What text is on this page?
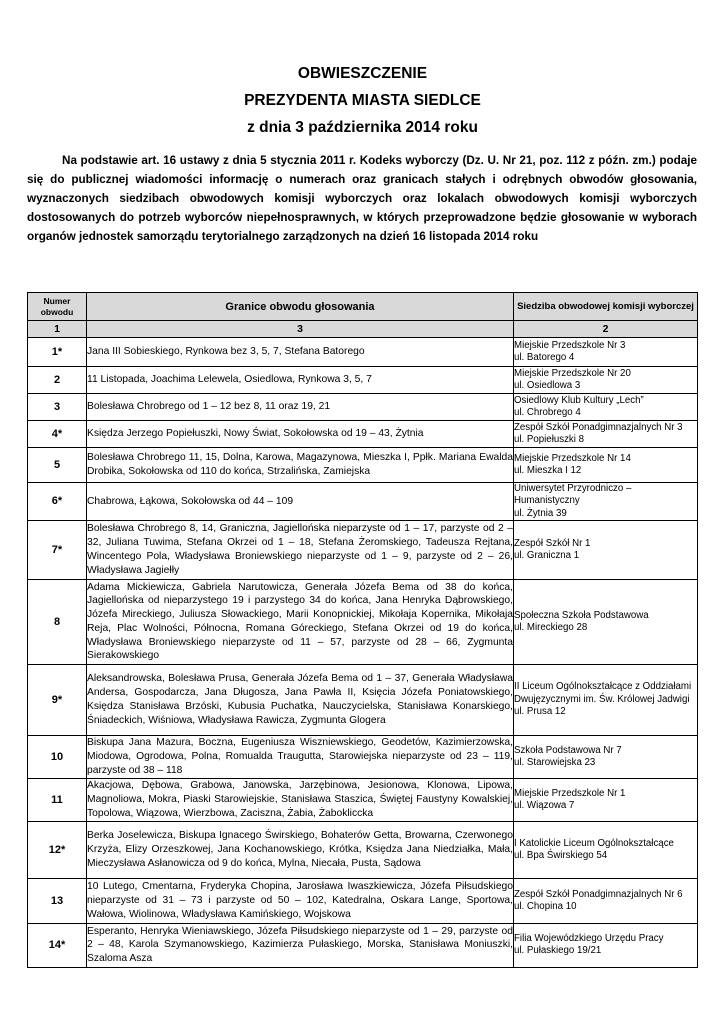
OBWIESZCZENIE
PREZYDENTA MIASTA SIEDLCE
z dnia 3 października 2014 roku

Na podstawie art. 16 ustawy z dnia 5 stycznia 2011 r. Kodeks wyborczy (Dz. U. Nr 21, poz. 112 z późn. zm.) podaje się do publicznej wiadomości informację o numerach oraz granicach stałych i odrębnych obwodów głosowania, wyznaczonych siedzibach obwodowych komisji wyborczych oraz lokalach obwodowych komisji wyborczych dostosowanych do potrzeb wyborców niepełnosprawnych, w których przeprowadzone będzie głosowanie w wyborach organów jednostek samorządu terytorialnego zarządzonych na dzień 16 listopada 2014 roku

Numer obwodu	Granice obwodu głosowania	Siedziba obwodowej komisji wyborczej
1	3	2
1*	Jana III Sobieskiego, Rynkowa bez 3, 5, 7, Stefana Batorego	Miejskie Przedszkole Nr 3
ul. Batorego 4

2	11 Listopada, Joachima Lelewela, Osiedlowa, Rynkowa 3, 5, 7	Miejskie Przedszkole Nr 20
ul. Osiedlowa 3

3	Bolesława Chrobrego od 1 – 12 bez 8, 11 oraz 19, 21	Osiedlowy Klub Kultury „Lech”
ul. Chrobrego 4

4*	Księdza Jerzego Popiełuszki, Nowy Świat, Sokołowska od 19 – 43, Żytnia	Zespół Szkół Ponadgimnazjalnych Nr 3
ul. Popiełuszki 8

5	Bolesława Chrobrego 11, 15, Dolna, Karowa, Magazynowa, Mieszka I, Ppłk. Mariana Ewalda Drobika, Sokołowska od 110 do końca, Strzalińska, Zamiejska	Miejskie Przedszkole Nr 14
ul. Mieszka I 12

6*	Chabrowa, Łąkowa, Sokołowska od 44 – 109	Uniwersytet Przyrodniczo – Humanistyczny
ul. Żytnia 39

7*	Bolesława Chrobrego 8, 14, Graniczna, Jagiellońska nieparzyste od 1 – 17, parzyste od 2 – 32, Juliana Tuwima, Stefana Okrzei od 1 – 18, Stefana Żeromskiego, Tadeusza Rejtana, Wincentego Pola, Władysława Broniewskiego nieparzyste od 1 – 9, parzyste od 2 – 26, Władysława Jagiełły	Zespół Szkół Nr 1
ul. Graniczna 1

8	Adama Mickiewicza, Gabriela Narutowicza, Generała Józefa Bema od 38 do końca, Jagiellońska od nieparzystego 19 i parzystego 34 do końca, Jana Henryka Dąbrowskiego, Józefa Mireckiego, Juliusza Słowackiego, Marii Konopnickiej, Mikołaja Kopernika, Mikołaja Reja, Plac Wolności, Północna, Romana Góreckiego, Stefana Okrzei od 19 do końca, Władysława Broniewskiego nieparzyste od 11 – 57, parzyste od 28 – 66, Zygmunta Sierakowskiego	Społeczna Szkoła Podstawowa
ul. Mireckiego 28

9*	Aleksandrowska, Bolesława Prusa, Generała Józefa Bema od 1 – 37, Generała Władysława Andersa, Gospodarcza, Jana Długosza, Jana Pawła II, Księcia Józefa Poniatowskiego, Księdza Stanisława Brzóski, Kubusia Puchatka, Nauczycielska, Stanisława Konarskiego, Śniadeckich, Wiśniowa, Władysława Rawicza, Zygmunta Glogera	II Liceum Ogólnokształcące z Oddziałami Dwujęzycznymi im. Św. Królowej Jadwigi
ul. Prusa 12

10	Biskupa Jana Mazura, Boczna, Eugeniusza Wiszniewskiego, Geodetów, Kazimierzowska, Miodowa, Ogrodowa, Polna, Romualda Traugutta, Starowiejska nieparzyste od 23 – 119, parzyste od 38 – 118	Szkoła Podstawowa Nr 7
ul. Starowiejska 23

11	Akacjowa, Dębowa, Grabowa, Janowska, Jarzębinowa, Jesionowa, Klonowa, Lipowa, Magnoliowa, Mokra, Piaski Starowiejskie, Stanisława Staszica, Świętej Faustyny Kowalskiej, Topolowa, Wiązowa, Wierzbowa, Zaciszna, Żabia, Żabokliccka	Miejskie Przedszkole Nr 1
ul. Wiązowa 7

12*	Berka Joselewicza, Biskupa Ignacego Świrskiego, Bohaterów Getta, Browarna, Czerwonego Krzyża, Elizy Orzeszkowej, Jana Kochanowskiego, Krótka, Księdza Jana Niedziałka, Mała, Mieczysława Asłanowicza od 9 do końca, Mylna, Niecała, Pusta, Sądowa	I Katolickie Liceum Ogólnokształcące
ul. Bpa Świrskiego 54

13	10 Lutego, Cmentarna, Fryderyka Chopina, Jarosława Iwaszkiewicza, Józefa Piłsudskiego nieparzyste od 31 – 73 i parzyste od 50 – 102, Katedralna, Oskara Lange, Sportowa, Wałowa, Wiolinowa, Władysława Kamińskiego, Wojskowa	Zespół Szkół Ponadgimnazjalnych Nr 6
ul. Chopina 10

14*	Esperanto, Henryka Wieniawskiego, Józefa Piłsudskiego nieparzyste od 1 – 29, parzyste od 2 – 48, Karola Szymanowskiego, Kazimierza Pułaskiego, Morska, Stanisława Moniuszki, Szaloma Asza	Filia Wojewódzkiego Urzędu Pracy
ul. Pułaskiego 19/21
